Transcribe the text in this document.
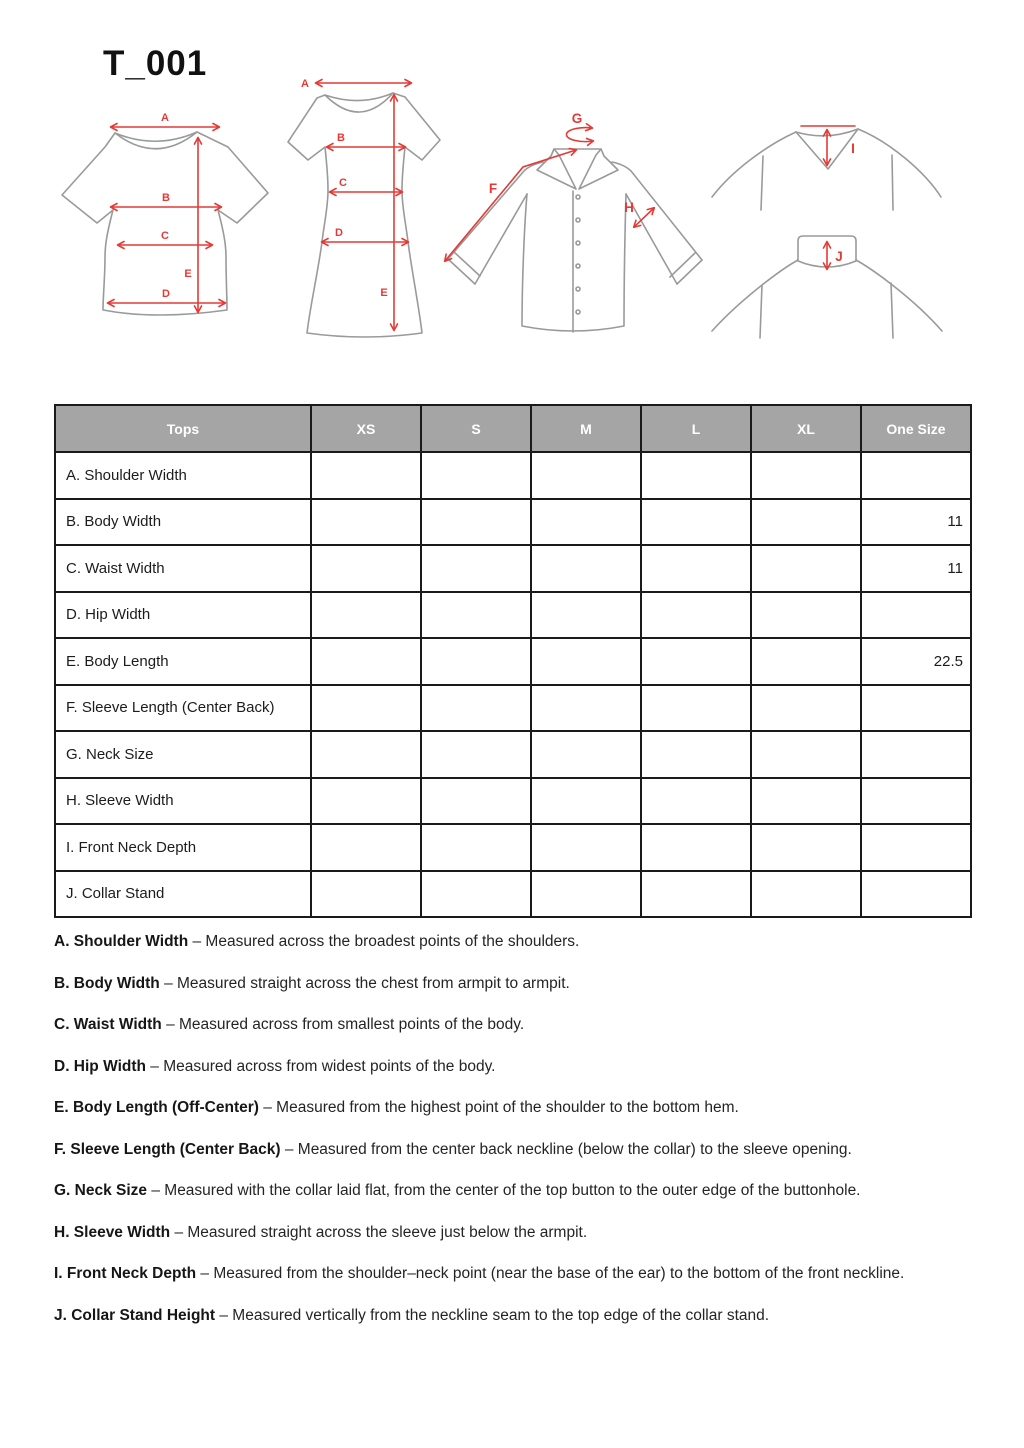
T_001
A
B
C
D
E
A
B
C
D
E
G
F
H
I
J
Tops	XS	S	M	L	XL	One Size
A. Shoulder Width						
B. Body Width						11
C. Waist Width						11
D. Hip Width						
E. Body Length						22.5
F. Sleeve Length (Center Back)						
G. Neck Size						
H. Sleeve Width						
I. Front Neck Depth						
J. Collar Stand						

A. Shoulder Width – Measured across the broadest points of the shoulders.

B. Body Width – Measured straight across the chest from armpit to armpit.

C. Waist Width – Measured across from smallest points of the body.

D. Hip Width – Measured across from widest points of the body.

E. Body Length (Off-Center) – Measured from the highest point of the shoulder to the bottom hem.

F. Sleeve Length (Center Back) – Measured from the center back neckline (below the collar) to the sleeve opening.

G. Neck Size – Measured with the collar laid flat, from the center of the top button to the outer edge of the buttonhole.

H. Sleeve Width – Measured straight across the sleeve just below the armpit.

I. Front Neck Depth – Measured from the shoulder–neck point (near the base of the ear) to the bottom of the front neckline.

J. Collar Stand Height – Measured vertically from the neckline seam to the top edge of the collar stand.
